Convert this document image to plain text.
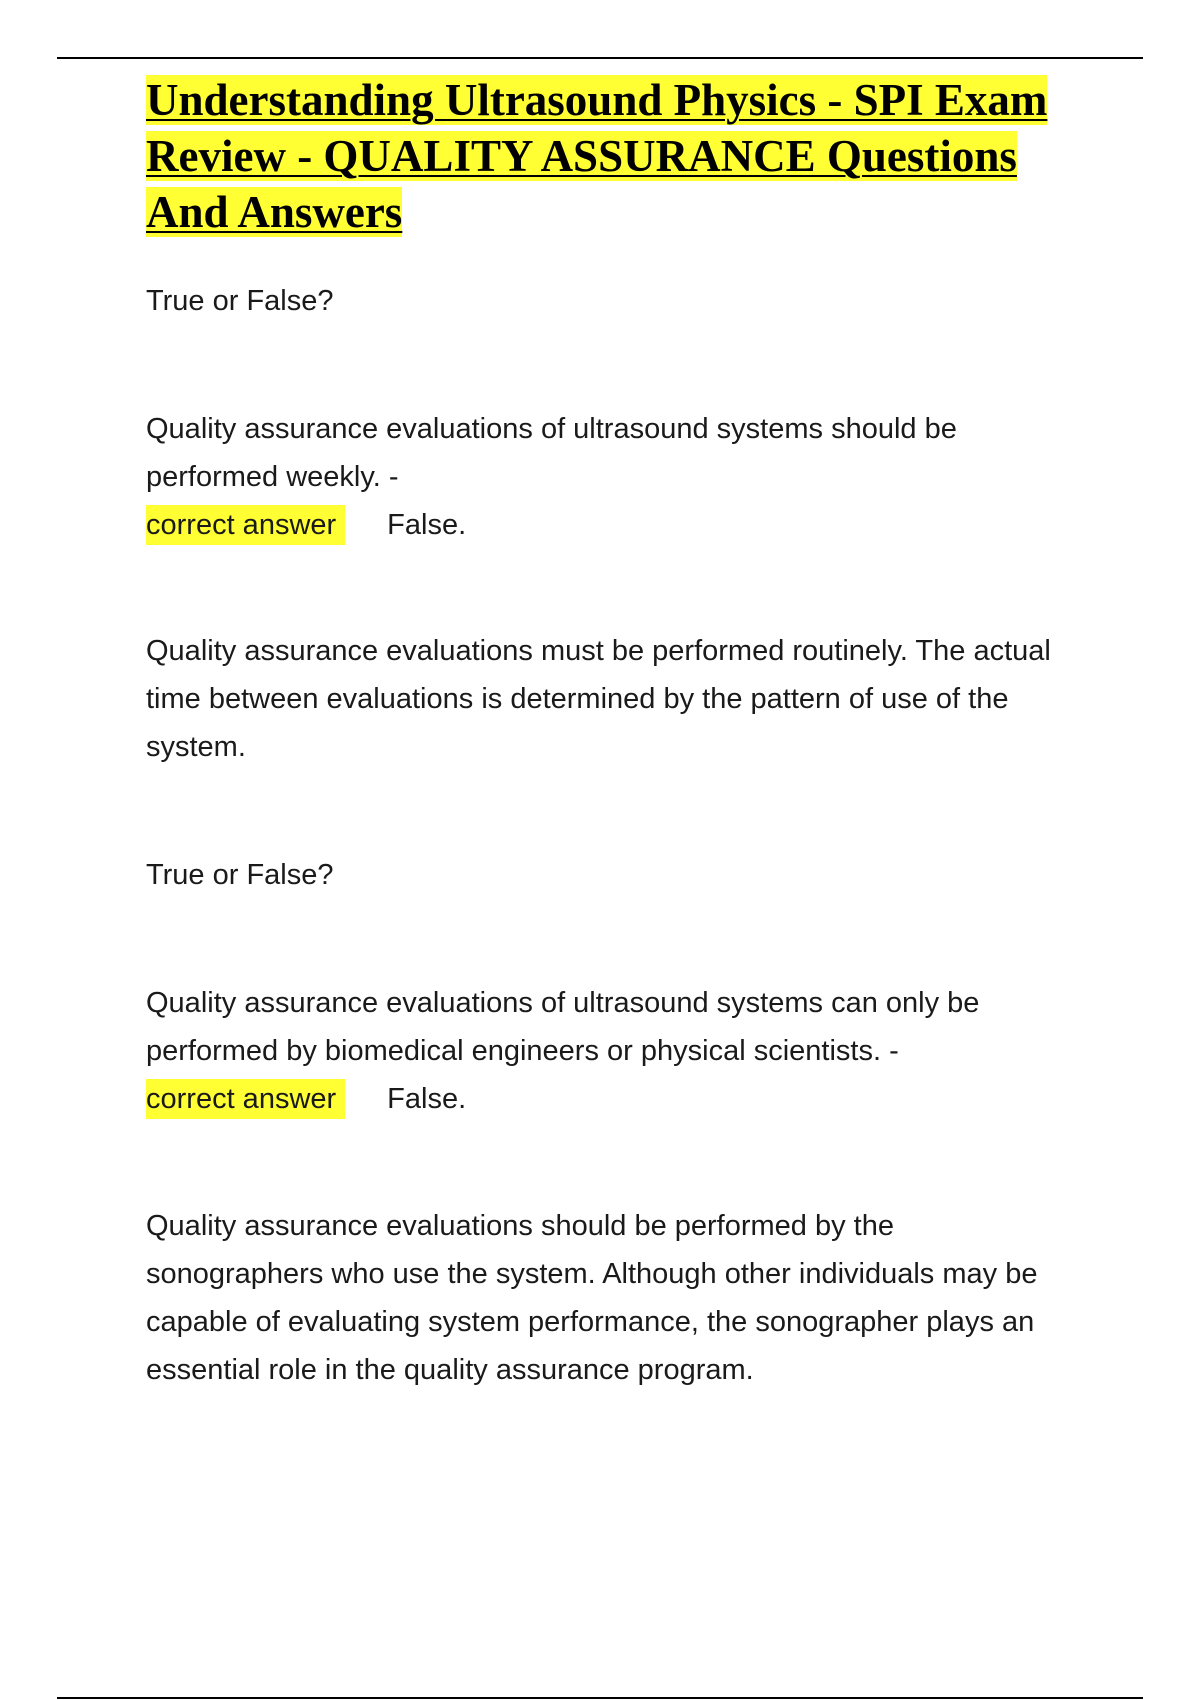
Understanding Ultrasound Physics - SPI Exam Review - QUALITY ASSURANCE Questions And Answers

True or False?

Quality assurance evaluations of ultrasound systems should be performed weekly. -

correct answer	False.

Quality assurance evaluations must be performed routinely. The actual time between evaluations is determined by the pattern of use of the system.

True or False?

Quality assurance evaluations of ultrasound systems can only be performed by biomedical engineers or physical scientists. -

correct answer	False.

Quality assurance evaluations should be performed by the sonographers who use the system. Although other individuals may be capable of evaluating system performance, the sonographer plays an essential role in the quality assurance program.
